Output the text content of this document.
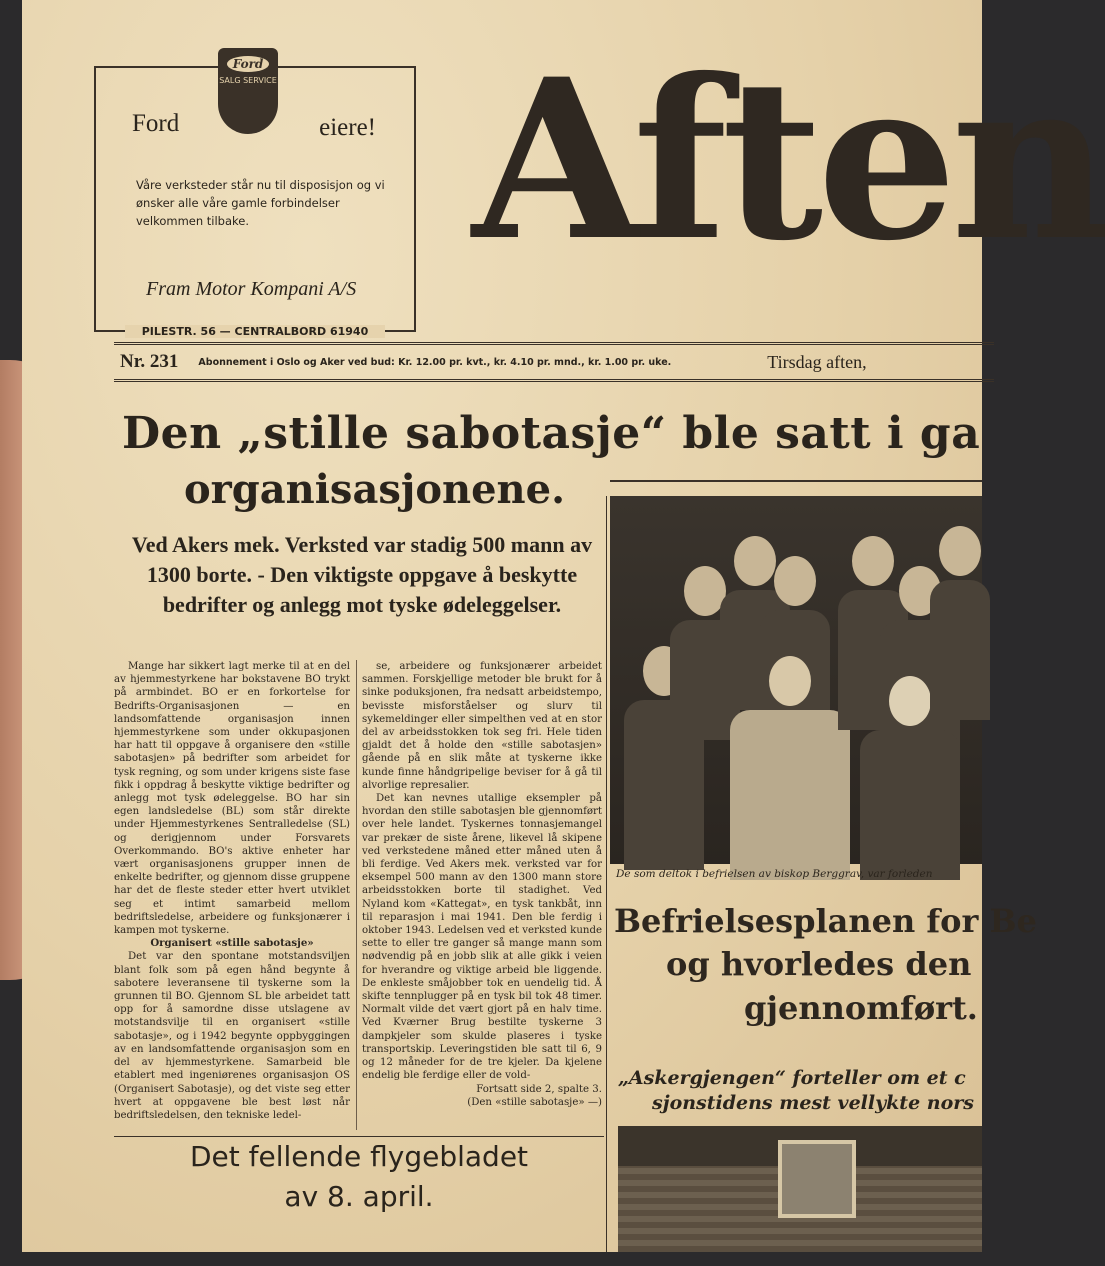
Ford
SALG SERVICE
Ford	eiere!
Våre verksteder står nu til disposisjon og vi ønsker alle våre gamle forbindelser velkommen tilbake.
Fram Motor Kompani A/S
PILESTR. 56 — CENTRALBORD 61940
Aften
Nr. 231 Abonnement i Oslo og Aker ved bud: Kr. 12.00 pr. kvt., kr. 4.10 pr. mnd., kr. 1.00 pr. uke.	Tirsdag aften,
Den „stille sabotasje“ ble satt i ga
organisasjonene.
Ved Akers mek. Verksted var stadig 500 mann av 1300 borte. - Den viktigste oppgave å beskytte bedrifter og anlegg mot tyske ødeleggelser.

Mange har sikkert lagt merke til at en del av hjemmestyrkene har bokstavene BO trykt på armbindet. BO er en forkortelse for Bedrifts-Organisasjonen — en landsomfattende organisasjon innen hjemmestyrkene som under okkupasjonen har hatt til oppgave å organisere den «stille sabotasjen» på bedrifter som arbeidet for tysk regning, og som under krigens siste fase fikk i oppdrag å beskytte viktige bedrifter og anlegg mot tysk ødeleggelse. BO har sin egen landsledelse (BL) som står direkte under Hjemmestyrkenes Sentralledelse (SL) og derigjennom under Forsvarets Overkommando. BO's aktive enheter har vært organisasjonens grupper innen de enkelte bedrifter, og gjennom disse gruppene har det de fleste steder etter hvert utviklet seg et intimt samarbeid mellom bedriftsledelse, arbeidere og funksjonærer i kampen mot tyskerne.

Organisert «stille sabotasje»

Det var den spontane motstandsviljen blant folk som på egen hånd begynte å sabotere leveransene til tyskerne som la grunnen til BO. Gjennom SL ble arbeidet tatt opp for å samordne disse utslagene av motstandsvilje til en organisert «stille sabotasje», og i 1942 begynte oppbyggingen av en landsomfattende organisasjon som en del av hjemmestyrkene. Samarbeid ble etablert med ingeniørenes organisasjon OS (Organisert Sabotasje), og det viste seg etter hvert at oppgavene ble best løst når bedriftsledelsen, den tekniske ledel-

se, arbeidere og funksjonærer arbeidet sammen. Forskjellige metoder ble brukt for å sinke poduksjonen, fra nedsatt arbeidstempo, bevisste misforståelser og slurv til sykemeldinger eller simpelthen ved at en stor del av arbeidsstokken tok seg fri. Hele tiden gjaldt det å holde den «stille sabotasjen» gående på en slik måte at tyskerne ikke kunde finne håndgripelige beviser for å gå til alvorlige represalier.

Det kan nevnes utallige eksempler på hvordan den stille sabotasjen ble gjennomført over hele landet. Tyskernes tonnasjemangel var prekær de siste årene, likevel lå skipene ved verkstedene måned etter måned uten å bli ferdige. Ved Akers mek. verksted var for eksempel 500 mann av den 1300 mann store arbeidsstokken borte til stadighet. Ved Nyland kom «Kattegat», en tysk tankbåt, inn til reparasjon i mai 1941. Den ble ferdig i oktober 1943. Ledelsen ved et verksted kunde sette to eller tre ganger så mange mann som nødvendig på en jobb slik at alle gikk i veien for hverandre og viktige arbeid ble liggende. De enkleste småjobber tok en uendelig tid. Å skifte tennplugger på en tysk bil tok 48 timer. Normalt vilde det vært gjort på en halv time. Ved Kværner Brug bestilte tyskerne 3 dampkjeler som skulde plaseres i tyske transportskip. Leveringstiden ble satt til 6, 9 og 12 måneder for de tre kjeler. Da kjelene endelig ble ferdige eller de vold-

Fortsatt side 2, spalte 3.

(Den «stille sabotasje» —)

Det fellende flygebladet
av 8. april.
De som deltok i befrielsen av biskop Berggrav, var forleden
Befrielsesplanen for Be
og hvorledes den
gjennomført.
„Askergjengen“ forteller om et c
sjonstidens mest vellykte nors
